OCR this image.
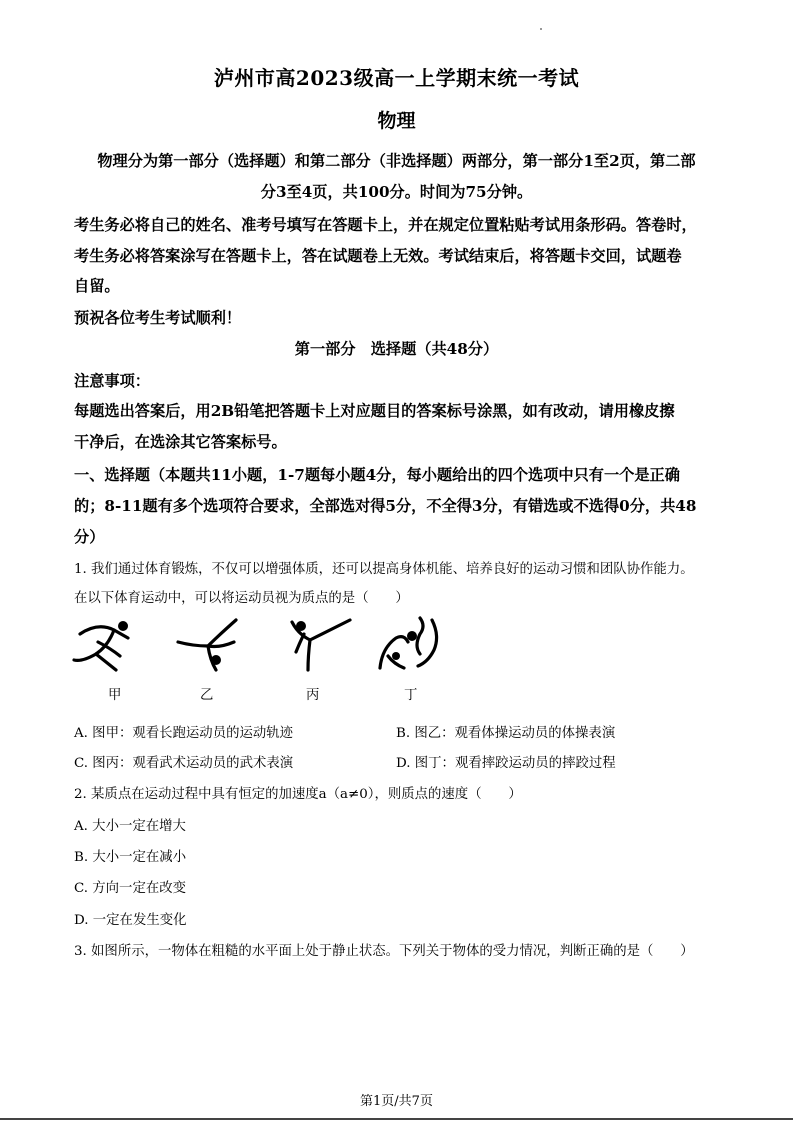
泸州市高2023级高一上学期末统一考试
物理
物理分为第一部分（选择题）和第二部分（非选择题）两部分，第一部分1至2页，第二部
分3至4页，共100分。时间为75分钟。
考生务必将自己的姓名、准考号填写在答题卡上，并在规定位置粘贴考试用条形码。答卷时，
考生务必将答案涂写在答题卡上，答在试题卷上无效。考试结束后，将答题卡交回，试题卷
自留。
预祝各位考生考试顺利！
第一部分　选择题（共48分）
注意事项：
每题选出答案后，用2B铅笔把答题卡上对应题目的答案标号涂黑，如有改动，请用橡皮擦
干净后，在选涂其它答案标号。
一、选择题（本题共11小题，1-7题每小题4分，每小题给出的四个选项中只有一个是正确
的；8-11题有多个选项符合要求，全部选对得5分，不全得3分，有错选或不选得0分，共48
分）
1. 我们通过体育锻炼，不仅可以增强体质，还可以提高身体机能、培养良好的运动习惯和团队协作能力。
在以下体育运动中，可以将运动员视为质点的是（　　）
甲	乙	丙	丁
A. 图甲：观看长跑运动员的运动轨迹	B. 图乙：观看体操运动员的体操表演
C. 图丙：观看武术运动员的武术表演	D. 图丁：观看摔跤运动员的摔跤过程
2. 某质点在运动过程中具有恒定的加速度a（a≠0），则质点的速度（　　）
A. 大小一定在增大
B. 大小一定在减小
C. 方向一定在改变
D. 一定在发生变化
3. 如图所示，一物体在粗糙的水平面上处于静止状态。下列关于物体的受力情况，判断正确的是（　　）
第1页/共7页
